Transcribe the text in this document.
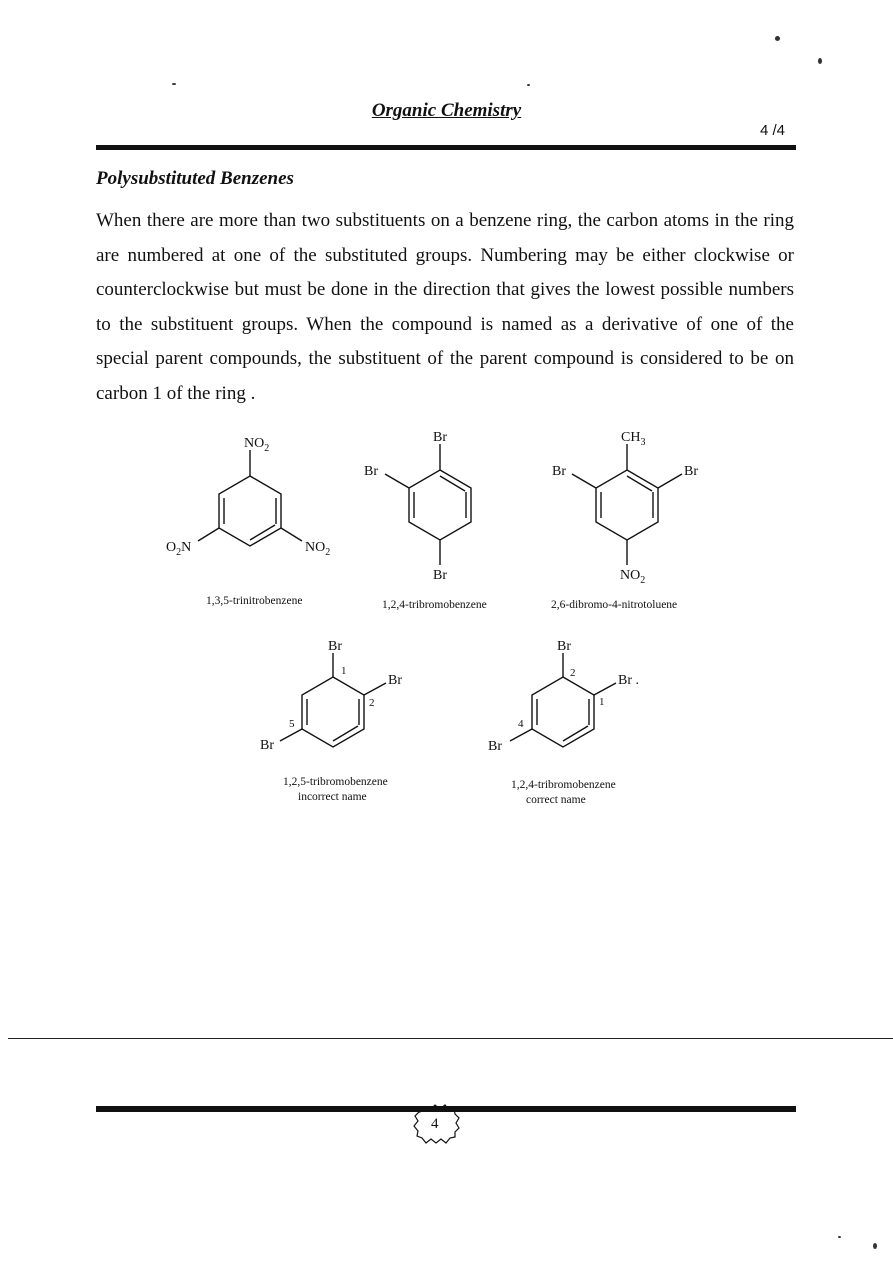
Organic Chemistry
4 /4
Polysubstituted Benzenes
When there are more than two substituents on a benzene ring, the carbon atoms in the ring are numbered at one of the substituted groups. Numbering may be either clockwise or counterclockwise but must be done in the direction that gives the lowest possible numbers to the substituent groups. When the compound is named as a derivative of one of the special parent compounds, the substituent of the parent compound is considered to be on carbon 1 of the ring .
$NO_2$
$O_2N$	$NO_2$
1,3,5-trinitrobenzene
Br
Br
Br
1,2,4-tribromobenzene
$CH_3$
Br	Br
$NO_2$
2,6-dibromo-4-nitrotoluene
Br
Br
Br
1
2
5
1,2,5-tribromobenzene
incorrect name
Br
Br .
Br
2
1
4
1,2,4-tribromobenzene
correct name
4
